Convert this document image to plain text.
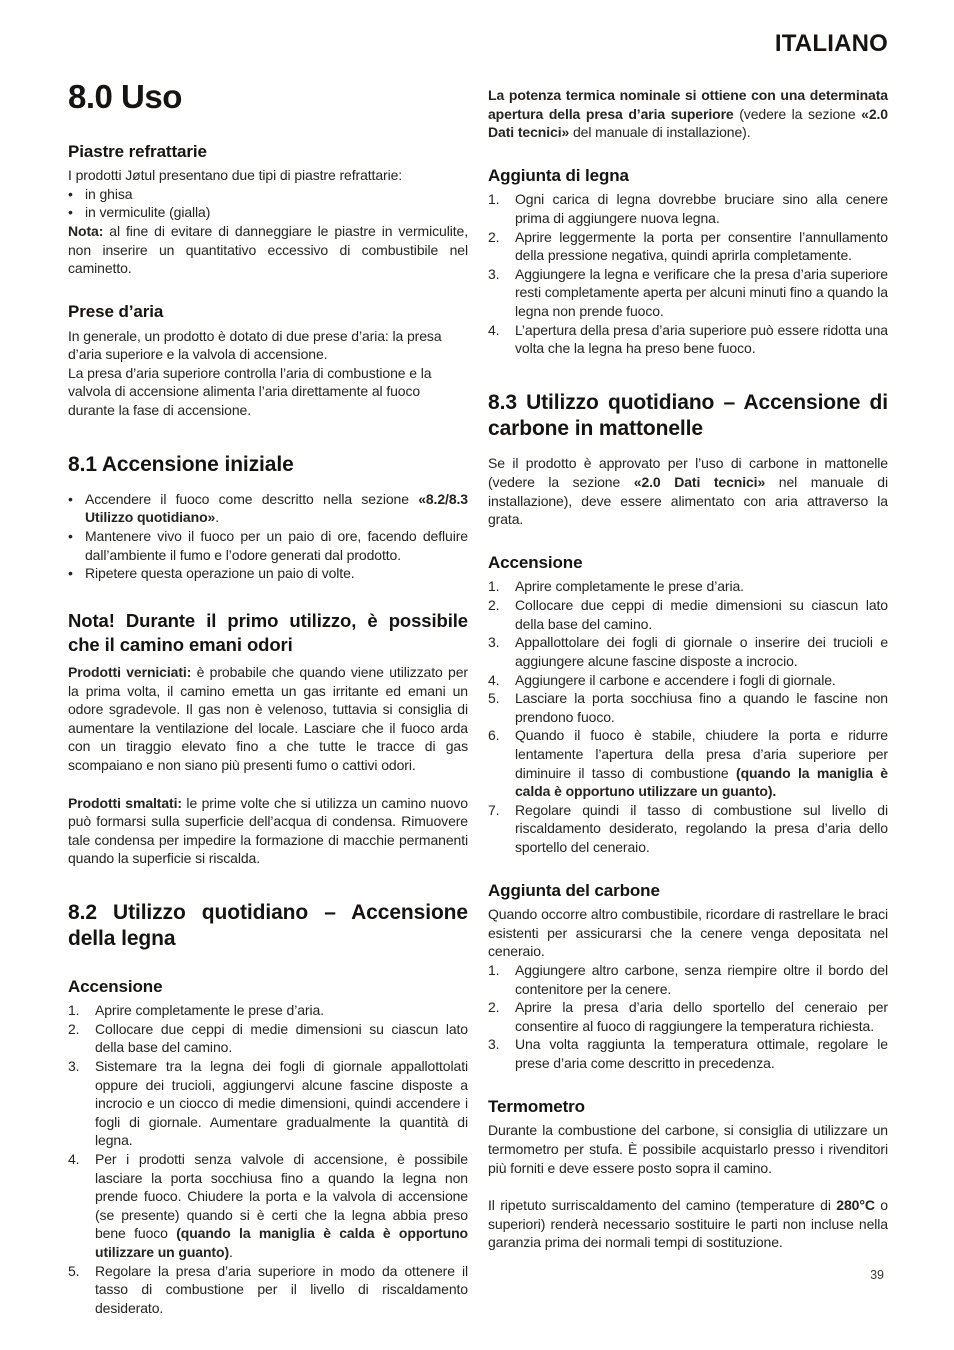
ITALIANO
8.0 Uso
Piastre refrattarie

I prodotti Jøtul presentano due tipi di piastre refrattarie:

• in ghisa
• in vermiculite (gialla)

Nota: al fine di evitare di danneggiare le piastre in vermiculite, non inserire un quantitativo eccessivo di combustibile nel caminetto.

Prese d’aria

In generale, un prodotto è dotato di due prese d’aria: la presa d’aria superiore e la valvola di accensione.

La presa d’aria superiore controlla l’aria di combustione e la valvola di accensione alimenta l’aria direttamente al fuoco durante la fase di accensione.

8.1 Accensione iniziale
• Accendere il fuoco come descritto nella sezione «8.2/8.3 Utilizzo quotidiano».
• Mantenere vivo il fuoco per un paio di ore, facendo defluire dall’ambiente il fumo e l’odore generati dal prodotto.
• Ripetere questa operazione un paio di volte.
Nota! Durante il primo utilizzo, è possibile che il camino emani odori

Prodotti verniciati: è probabile che quando viene utilizzato per la prima volta, il camino emetta un gas irritante ed emani un odore sgradevole. Il gas non è velenoso, tuttavia si consiglia di aumentare la ventilazione del locale. Lasciare che il fuoco arda con un tiraggio elevato fino a che tutte le tracce di gas scompaiano e non siano più presenti fumo o cattivi odori.

Prodotti smaltati: le prime volte che si utilizza un camino nuovo può formarsi sulla superficie dell’acqua di condensa. Rimuovere tale condensa per impedire la formazione di macchie permanenti quando la superficie si riscalda.

8.2 Utilizzo quotidiano – Accensione della legna
Accensione
1.	Aprire completamente le prese d’aria.
2.	Collocare due ceppi di medie dimensioni su ciascun lato della base del camino.
3.	Sistemare tra la legna dei fogli di giornale appallottolati oppure dei trucioli, aggiungervi alcune fascine disposte a incrocio e un ciocco di medie dimensioni, quindi accendere i fogli di giornale. Aumentare gradualmente la quantità di legna.
4.	Per i prodotti senza valvole di accensione, è possibile lasciare la porta socchiusa fino a quando la legna non prende fuoco. Chiudere la porta e la valvola di accensione (se presente) quando si è certi che la legna abbia preso bene fuoco (quando la maniglia è calda è opportuno utilizzare un guanto).
5.	Regolare la presa d’aria superiore in modo da ottenere il tasso di combustione per il livello di riscaldamento desiderato.

La potenza termica nominale si ottiene con una determinata apertura della presa d’aria superiore (vedere la sezione «2.0 Dati tecnici» del manuale di installazione).

Aggiunta di legna
1.	Ogni carica di legna dovrebbe bruciare sino alla cenere prima di aggiungere nuova legna.
2.	Aprire leggermente la porta per consentire l’annullamento della pressione negativa, quindi aprirla completamente.
3.	Aggiungere la legna e verificare che la presa d’aria superiore resti completamente aperta per alcuni minuti fino a quando la legna non prende fuoco.
4.	L’apertura della presa d’aria superiore può essere ridotta una volta che la legna ha preso bene fuoco.
8.3 Utilizzo quotidiano – Accensione di carbone in mattonelle

Se il prodotto è approvato per l’uso di carbone in mattonelle (vedere la sezione «2.0 Dati tecnici» nel manuale di installazione), deve essere alimentato con aria attraverso la grata.

Accensione
1.	Aprire completamente le prese d’aria.
2.	Collocare due ceppi di medie dimensioni su ciascun lato della base del camino.
3.	Appallottolare dei fogli di giornale o inserire dei trucioli e aggiungere alcune fascine disposte a incrocio.
4.	Aggiungere il carbone e accendere i fogli di giornale.
5.	Lasciare la porta socchiusa fino a quando le fascine non prendono fuoco.
6.	Quando il fuoco è stabile, chiudere la porta e ridurre lentamente l’apertura della presa d’aria superiore per diminuire il tasso di combustione (quando la maniglia è calda è opportuno utilizzare un guanto).
7.	Regolare quindi il tasso di combustione sul livello di riscaldamento desiderato, regolando la presa d’aria dello sportello del ceneraio.
Aggiunta del carbone

Quando occorre altro combustibile, ricordare di rastrellare le braci esistenti per assicurarsi che la cenere venga depositata nel ceneraio.

1.	Aggiungere altro carbone, senza riempire oltre il bordo del contenitore per la cenere.
2.	Aprire la presa d’aria dello sportello del ceneraio per consentire al fuoco di raggiungere la temperatura richiesta.
3.	Una volta raggiunta la temperatura ottimale, regolare le prese d’aria come descritto in precedenza.
Termometro

Durante la combustione del carbone, si consiglia di utilizzare un termometro per stufa. È possibile acquistarlo presso i rivenditori più forniti e deve essere posto sopra il camino.

Il ripetuto surriscaldamento del camino (temperature di 280°C o superiori) renderà necessario sostituire le parti non incluse nella garanzia prima dei normali tempi di sostituzione.

39
